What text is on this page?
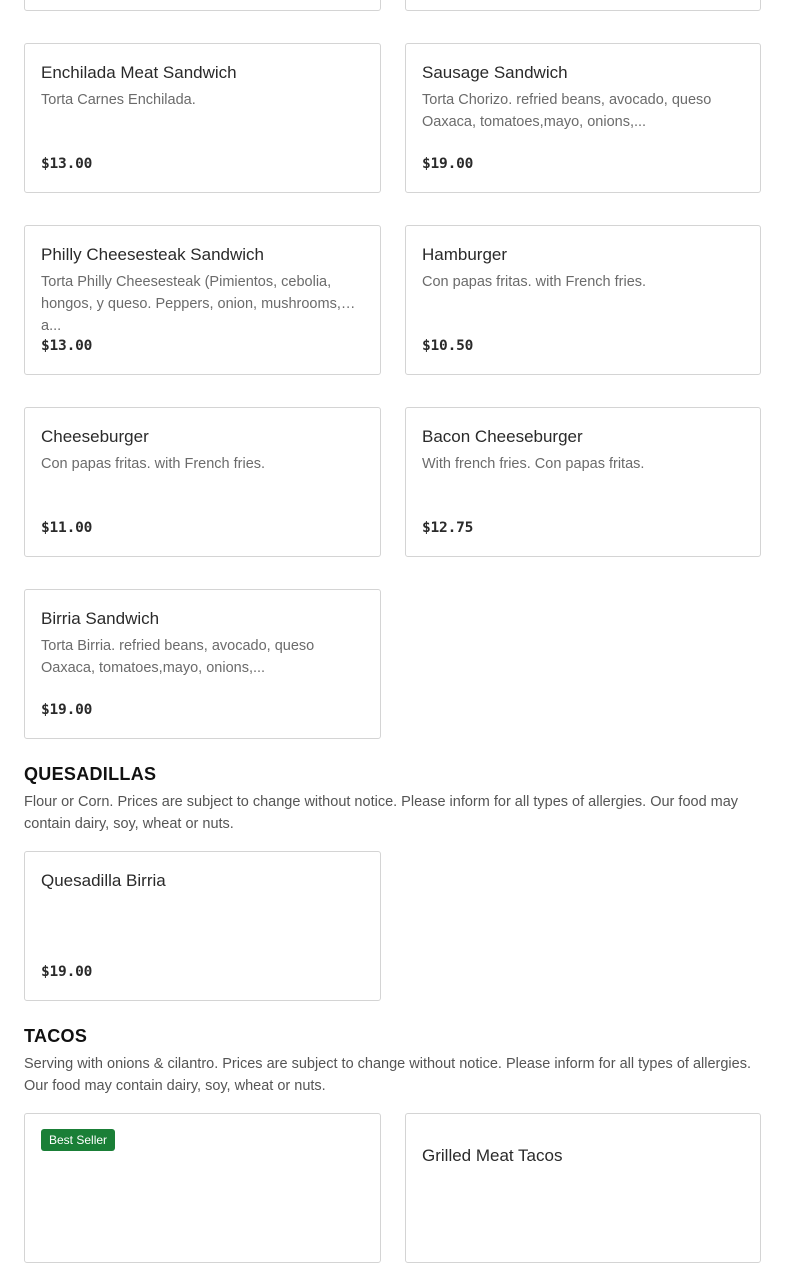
Enchilada Meat Sandwich
Torta Carnes Enchilada.
$13.00
Sausage Sandwich
Torta Chorizo. refried beans, avocado, queso Oaxaca, tomatoes,mayo, onions,...
$19.00
Philly Cheesesteak Sandwich
Torta Philly Cheesesteak (Pimientos, cebolia, hongos, y queso. Peppers, onion, mushrooms, a...
$13.00
Hamburger
Con papas fritas. with French fries.
$10.50
Cheeseburger
Con papas fritas. with French fries.
$11.00
Bacon Cheeseburger
With french fries. Con papas fritas.
$12.75
Birria Sandwich
Torta Birria. refried beans, avocado, queso Oaxaca, tomatoes,mayo, onions,...
$19.00
QUESADILLAS

Flour or Corn. Prices are subject to change without notice. Please inform for all types of allergies. Our food may contain dairy, soy, wheat or nuts.

Quesadilla Birria
$19.00
TACOS

Serving with onions & cilantro. Prices are subject to change without notice. Please inform for all types of allergies. Our food may contain dairy, soy, wheat or nuts.

Best Seller
Grilled Meat Tacos
